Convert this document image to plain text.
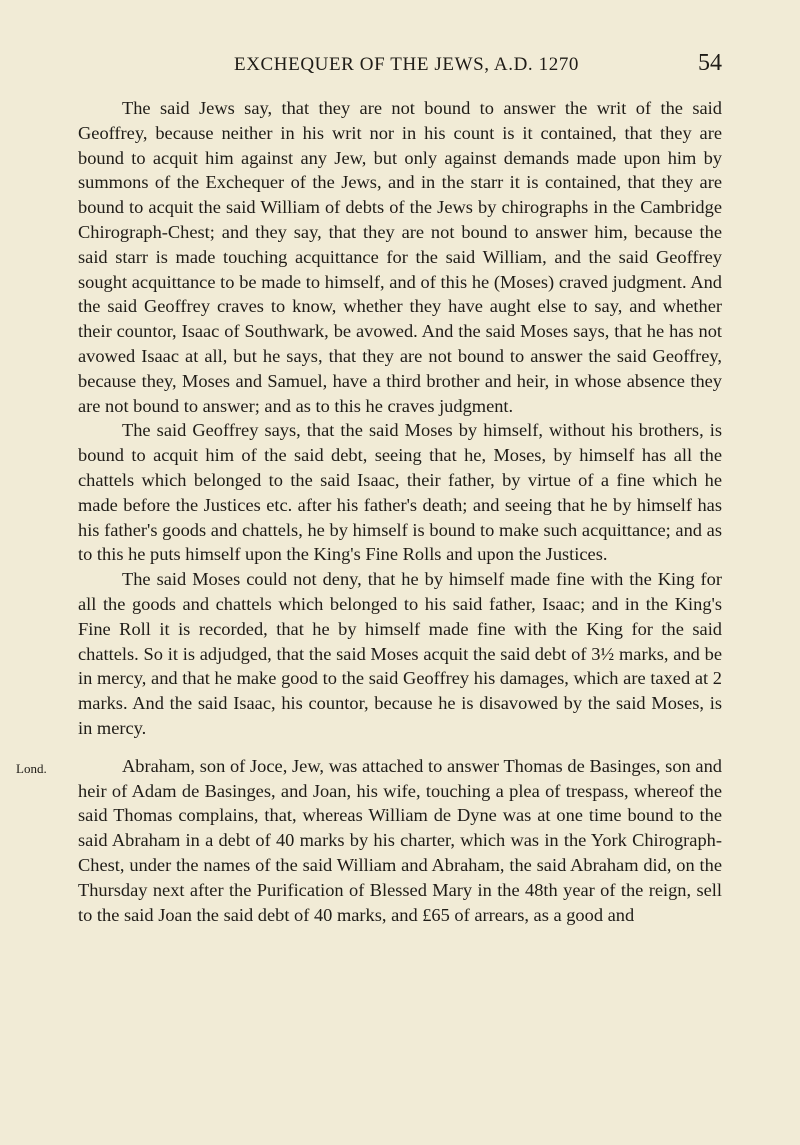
EXCHEQUER OF THE JEWS, A.D. 1270	54
Lond.

The said Jews say, that they are not bound to answer the writ of the said Geoffrey, because neither in his writ nor in his count is it contained, that they are bound to acquit him against any Jew, but only against demands made upon him by summons of the Exchequer of the Jews, and in the starr it is contained, that they are bound to acquit the said William of debts of the Jews by chirographs in the Cambridge Chirograph-Chest; and they say, that they are not bound to answer him, because the said starr is made touching acquittance for the said William, and the said Geoffrey sought acquittance to be made to himself, and of this he (Moses) craved judgment. And the said Geoffrey craves to know, whether they have aught else to say, and whether their countor, Isaac of Southwark, be avowed. And the said Moses says, that he has not avowed Isaac at all, but he says, that they are not bound to answer the said Geoffrey, because they, Moses and Samuel, have a third brother and heir, in whose absence they are not bound to answer; and as to this he craves judgment.

The said Geoffrey says, that the said Moses by himself, without his brothers, is bound to acquit him of the said debt, seeing that he, Moses, by himself has all the chattels which belonged to the said Isaac, their father, by virtue of a fine which he made before the Justices etc. after his father's death; and seeing that he by himself has his father's goods and chattels, he by himself is bound to make such acquittance; and as to this he puts himself upon the King's Fine Rolls and upon the Justices.

The said Moses could not deny, that he by himself made fine with the King for all the goods and chattels which belonged to his said father, Isaac; and in the King's Fine Roll it is recorded, that he by himself made fine with the King for the said chattels. So it is adjudged, that the said Moses acquit the said debt of 3½ marks, and be in mercy, and that he make good to the said Geoffrey his damages, which are taxed at 2 marks. And the said Isaac, his countor, because he is disavowed by the said Moses, is in mercy.

Abraham, son of Joce, Jew, was attached to answer Thomas de Basinges, son and heir of Adam de Basinges, and Joan, his wife, touching a plea of trespass, whereof the said Thomas complains, that, whereas William de Dyne was at one time bound to the said Abraham in a debt of 40 marks by his charter, which was in the York Chirograph-Chest, under the names of the said William and Abraham, the said Abraham did, on the Thursday next after the Purification of Blessed Mary in the 48th year of the reign, sell to the said Joan the said debt of 40 marks, and £65 of arrears, as a good and
